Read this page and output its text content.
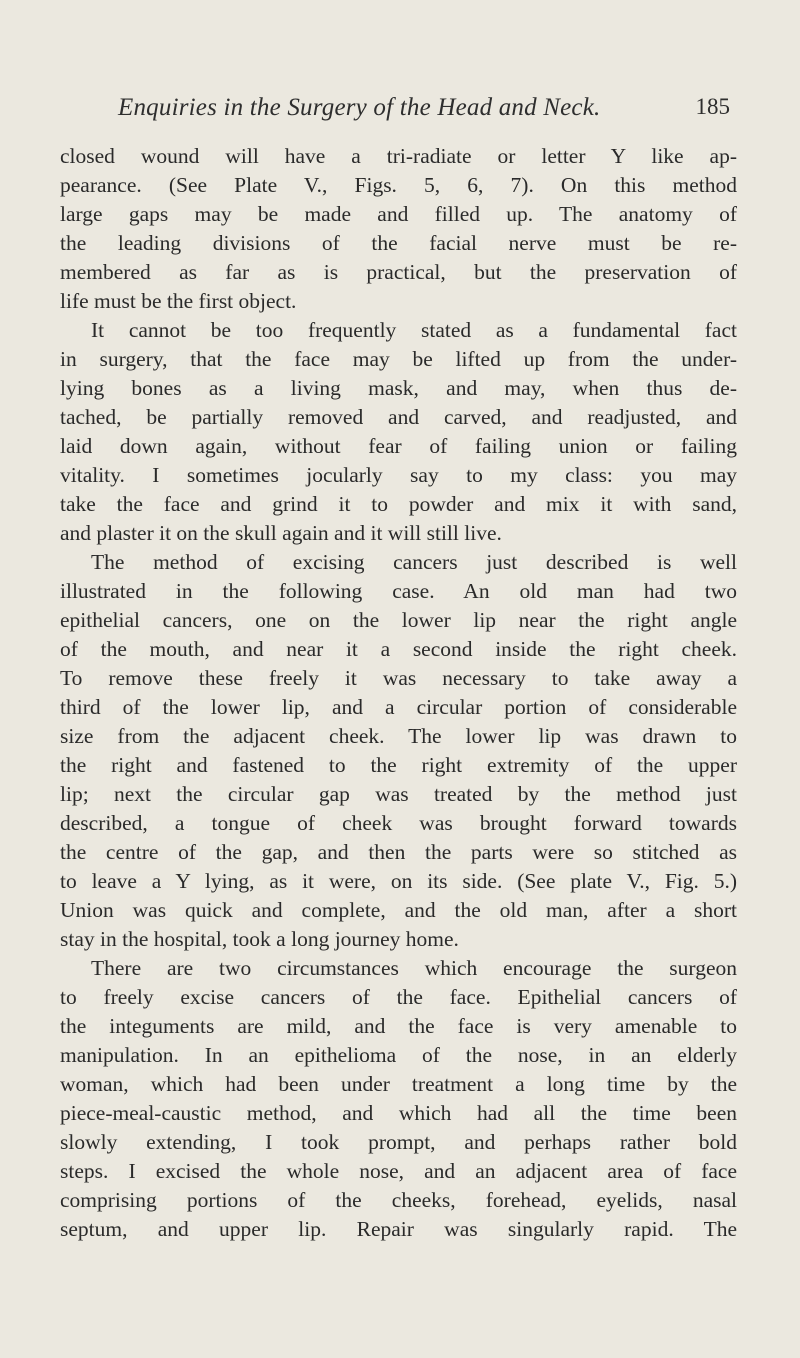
Enquiries in the Surgery of the Head and Neck.	185
closed wound will have a tri-radiate or letter Y like ap-
pearance. (See Plate V., Figs. 5, 6, 7). On this method
large gaps may be made and filled up. The anatomy of
the leading divisions of the facial nerve must be re-
membered as far as is practical, but the preservation of
life must be the first object.
It cannot be too frequently stated as a fundamental fact
in surgery, that the face may be lifted up from the under-
lying bones as a living mask, and may, when thus de-
tached, be partially removed and carved, and readjusted, and
laid down again, without fear of failing union or failing
vitality. I sometimes jocularly say to my class: you may
take the face and grind it to powder and mix it with sand,
and plaster it on the skull again and it will still live.
The method of excising cancers just described is well
illustrated in the following case. An old man had two
epithelial cancers, one on the lower lip near the right angle
of the mouth, and near it a second inside the right cheek.
To remove these freely it was necessary to take away a
third of the lower lip, and a circular portion of considerable
size from the adjacent cheek. The lower lip was drawn to
the right and fastened to the right extremity of the upper
lip; next the circular gap was treated by the method just
described, a tongue of cheek was brought forward towards
the centre of the gap, and then the parts were so stitched as
to leave a Y lying, as it were, on its side. (See plate V., Fig. 5.)
Union was quick and complete, and the old man, after a short
stay in the hospital, took a long journey home.
There are two circumstances which encourage the surgeon
to freely excise cancers of the face. Epithelial cancers of
the integuments are mild, and the face is very amenable to
manipulation. In an epithelioma of the nose, in an elderly
woman, which had been under treatment a long time by the
piece-meal-caustic method, and which had all the time been
slowly extending, I took prompt, and perhaps rather bold
steps. I excised the whole nose, and an adjacent area of face
comprising portions of the cheeks, forehead, eyelids, nasal
septum, and upper lip. Repair was singularly rapid. The
